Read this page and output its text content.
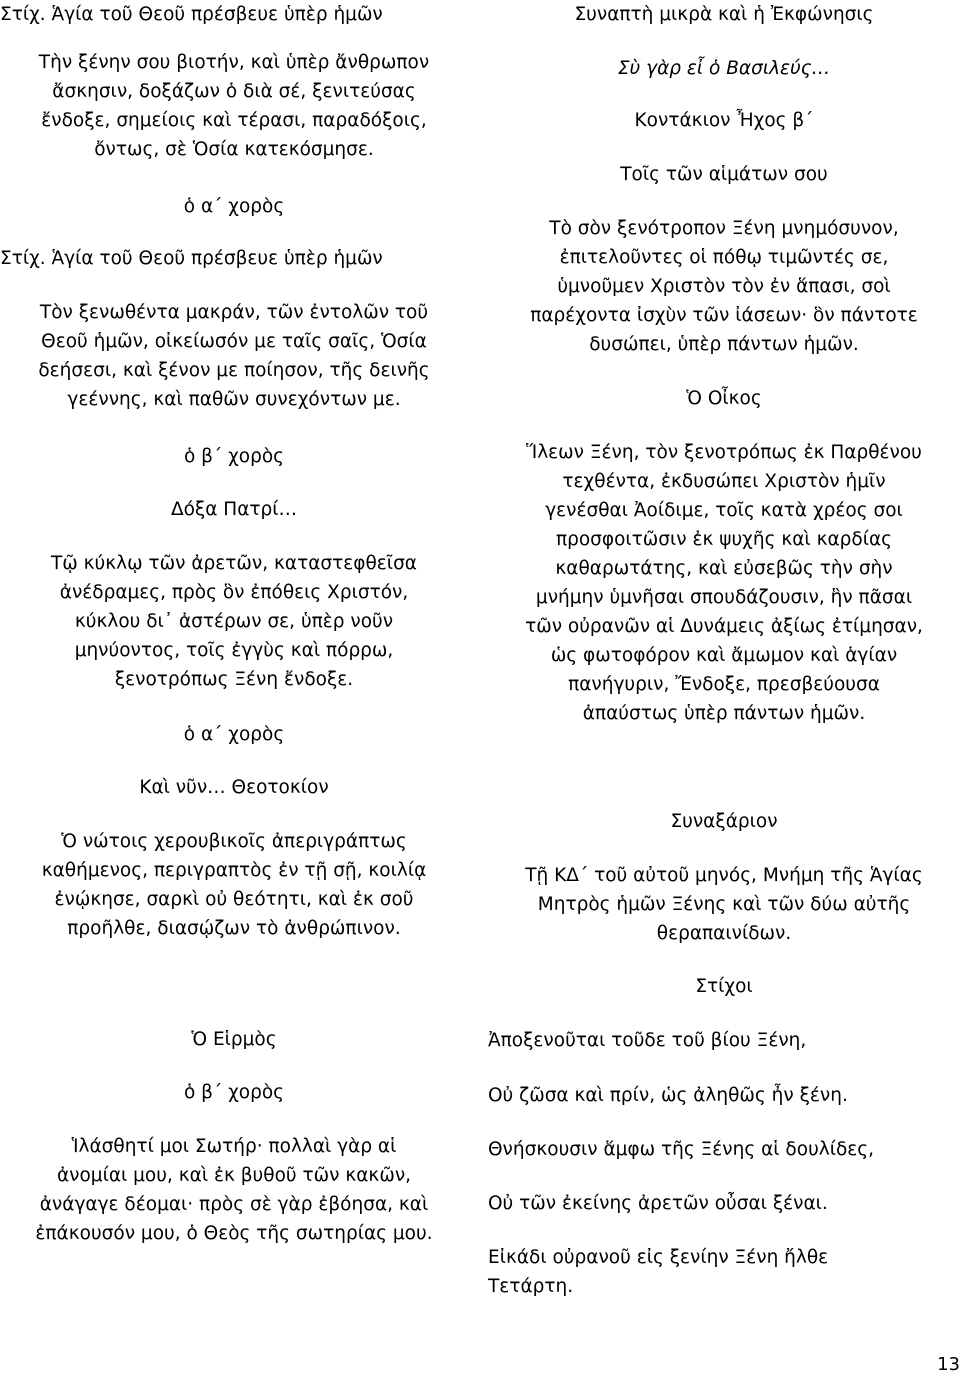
Στίχ. Ἁγία τοῦ Θεοῦ πρέσβευε ὑπὲρ ἡμῶν
Τὴν ξένην σου βιοτήν, καὶ ὑπὲρ ἄνθρωπον
ἄσκησιν, δοξάζων ὁ διὰ σέ, ξενιτεύσας
ἔνδοξε, σημείοις καὶ τέρασι, παραδόξοις,
ὄντως, σὲ Ὁσία κατεκόσμησε.
ὁ α΄ χορὸς
Στίχ. Ἁγία τοῦ Θεοῦ πρέσβευε ὑπὲρ ἡμῶν
Τὸν ξενωθέντα μακράν, τῶν ἐντολῶν τοῦ
Θεοῦ ἡμῶν, οἰκείωσόν με ταῖς σαῖς, Ὁσία
δεήσεσι, καὶ ξένον με ποίησον, τῆς δεινῆς
γεέννης, καὶ παθῶν συνεχόντων με.
ὁ β΄ χορὸς
Δόξα Πατρί…
Τῷ κύκλῳ τῶν ἀρετῶν, καταστεφθεῖσα
ἀνέδραμες, πρὸς ὃν ἐπόθεις Χριστόν,
κύκλου δι᾽ ἀστέρων σε, ὑπὲρ νοῦν
μηνύοντος, τοῖς ἐγγὺς καὶ πόρρω,
ξενοτρόπως Ξένη ἔνδοξε.
ὁ α΄ χορὸς
Καὶ νῦν… Θεοτοκίον
Ὁ νώτοις χερουβικοῖς ἀπεριγράπτως
καθήμενος, περιγραπτὸς ἐν τῇ σῇ, κοιλίᾳ
ἐνῴκησε, σαρκὶ οὐ θεότητι, καὶ ἐκ σοῦ
προῆλθε, διασῴζων τὸ ἀνθρώπινον.
Ὁ Εἱρμὸς
ὁ β΄ χορὸς
Ἱλάσθητί μοι Σωτήρ· πολλαὶ γὰρ αἱ
ἀνομίαι μου, καὶ ἐκ βυθοῦ τῶν κακῶν,
ἀνάγαγε δέομαι· πρὸς σὲ γὰρ ἐβόησα, καὶ
ἐπάκουσόν μου, ὁ Θεὸς τῆς σωτηρίας μου.
Συναπτὴ μικρὰ καὶ ἡ Ἐκφώνησις
Σὺ γὰρ εἶ ὁ Βασιλεύς…
Κοντάκιον Ἦχος β΄
Τοῖς τῶν αἱμάτων σου
Τὸ σὸν ξενότροπον Ξένη μνημόσυνον,
ἐπιτελοῦντες οἱ πόθῳ τιμῶντές σε,
ὑμνοῦμεν Χριστὸν τὸν ἐν ἅπασι, σοὶ
παρέχοντα ἰσχὺν τῶν ἰάσεων· ὃν πάντοτε
δυσώπει, ὑπὲρ πάντων ἡμῶν.
Ὁ Οἶκος
Ἵλεων Ξένη, τὸν ξενοτρόπως ἐκ Παρθένου
τεχθέντα, ἐκδυσώπει Χριστὸν ἡμῖν
γενέσθαι Ἀοίδιμε, τοῖς κατὰ χρέος σοι
προσφοιτῶσιν ἐκ ψυχῆς καὶ καρδίας
καθαρωτάτης, καὶ εὐσεβῶς τὴν σὴν
μνήμην ὑμνῆσαι σπουδάζουσιν, ἣν πᾶσαι
τῶν οὐρανῶν αἱ Δυνάμεις ἀξίως ἐτίμησαν,
ὡς φωτοφόρον καὶ ἄμωμον καὶ ἁγίαν
πανήγυριν, Ἔνδοξε, πρεσβεύουσα
ἀπαύστως ὑπὲρ πάντων ἡμῶν.
Συναξάριον
Τῇ ΚΔ΄ τοῦ αὐτοῦ μηνός, Μνήμη τῆς Ἁγίας
Μητρὸς ἡμῶν Ξένης καὶ τῶν δύω αὐτῆς
θεραπαινίδων.
Στίχοι
Ἀποξενοῦται τοῦδε τοῦ βίου Ξένη,
Οὐ ζῶσα καὶ πρίν, ὡς ἀληθῶς ἦν ξένη.
Θνήσκουσιν ἅμφω τῆς Ξένης αἱ δουλίδες,
Οὐ τῶν ἐκείνης ἀρετῶν οὖσαι ξέναι.
Εἰκάδι οὐρανοῦ εἰς ξενίην Ξένη ἤλθε
Τετάρτη.
13
